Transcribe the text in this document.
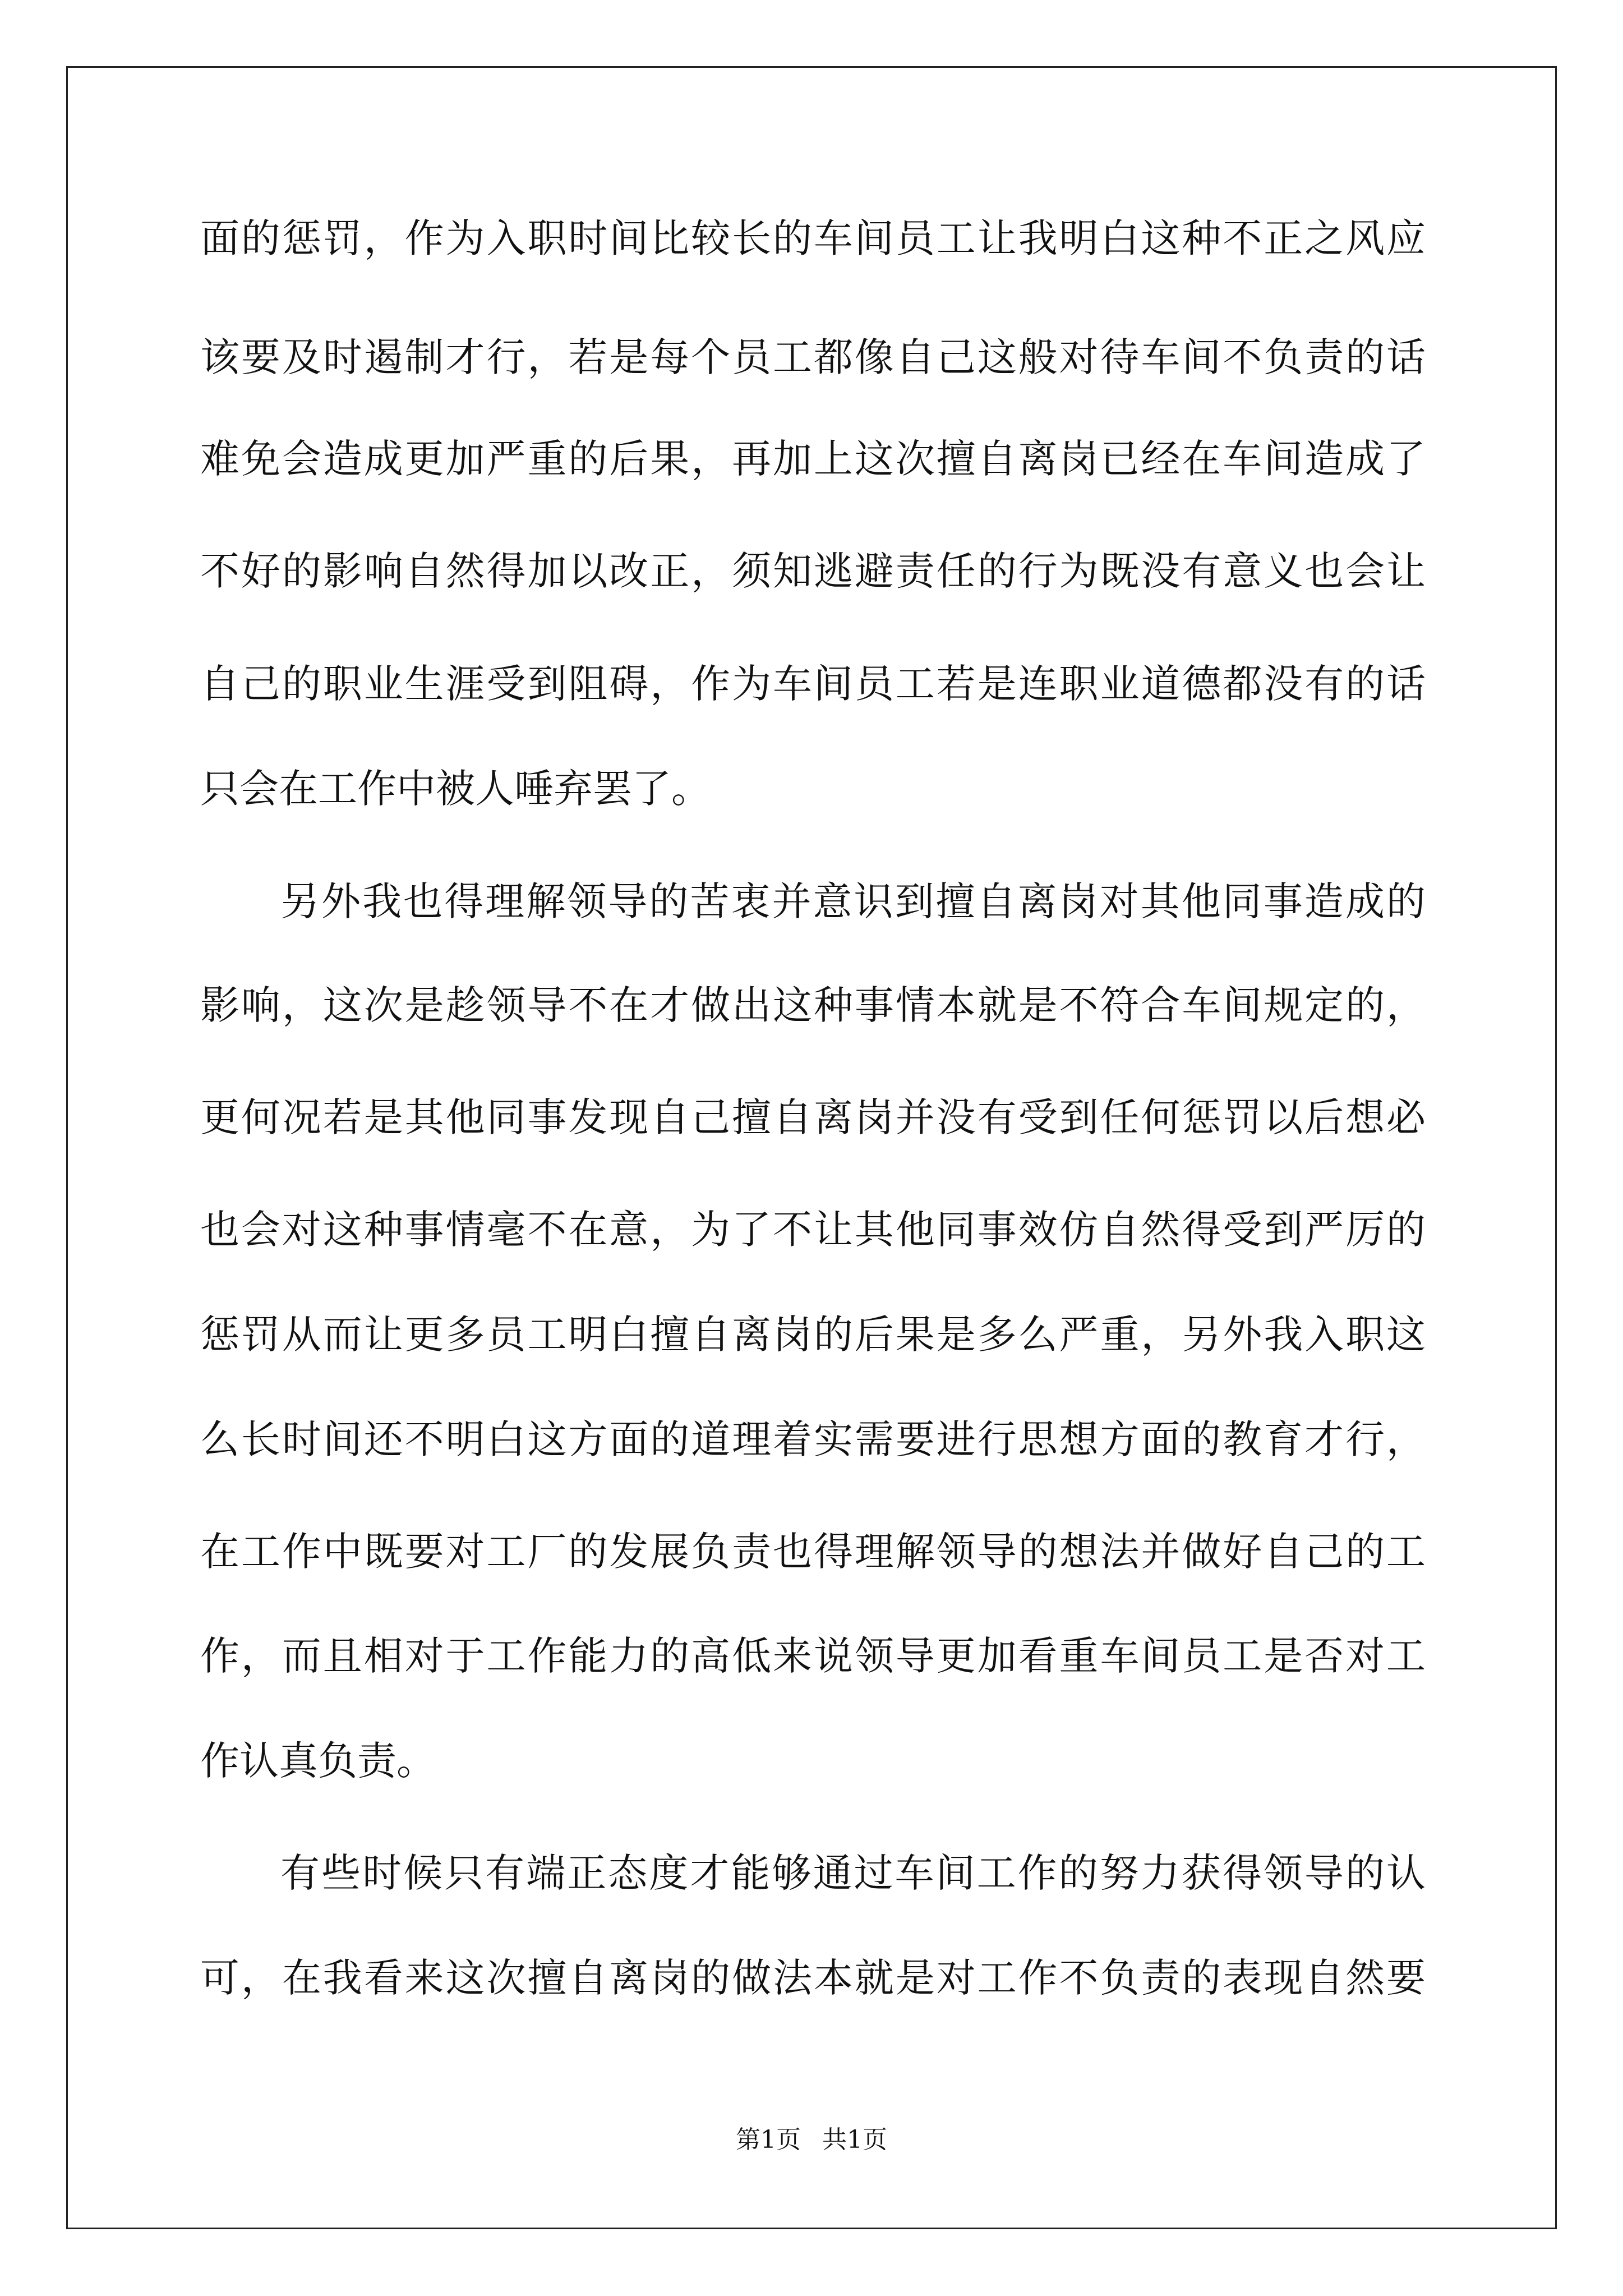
面的惩罚，作为入职时间比较长的车间员工让我明白这种不正之风应
该要及时遏制才行，若是每个员工都像自己这般对待车间不负责的话
难免会造成更加严重的后果，再加上这次擅自离岗已经在车间造成了
不好的影响自然得加以改正，须知逃避责任的行为既没有意义也会让
自己的职业生涯受到阻碍，作为车间员工若是连职业道德都没有的话
只会在工作中被人唾弃罢了。
另外我也得理解领导的苦衷并意识到擅自离岗对其他同事造成的
影响，这次是趁领导不在才做出这种事情本就是不符合车间规定的，
更何况若是其他同事发现自己擅自离岗并没有受到任何惩罚以后想必
也会对这种事情毫不在意，为了不让其他同事效仿自然得受到严厉的
惩罚从而让更多员工明白擅自离岗的后果是多么严重，另外我入职这
么长时间还不明白这方面的道理着实需要进行思想方面的教育才行，
在工作中既要对工厂的发展负责也得理解领导的想法并做好自己的工
作，而且相对于工作能力的高低来说领导更加看重车间员工是否对工
作认真负责。
有些时候只有端正态度才能够通过车间工作的努力获得领导的认
可，在我看来这次擅自离岗的做法本就是对工作不负责的表现自然要
第1页 共1页
